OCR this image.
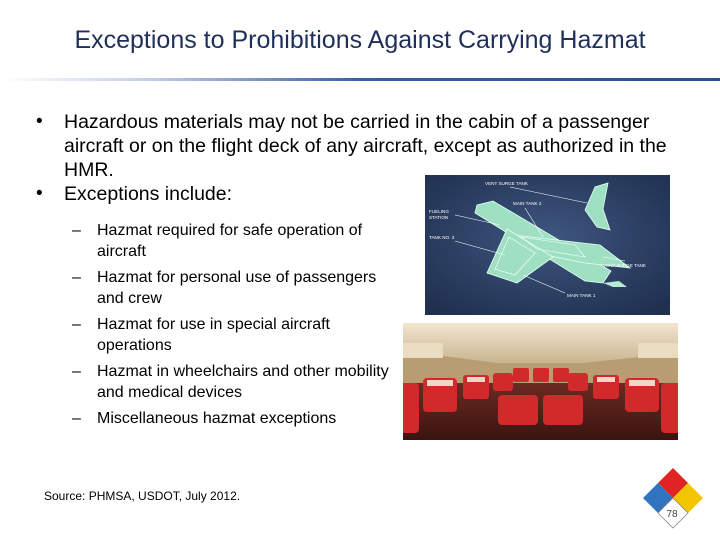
Exceptions to Prohibitions Against Carrying Hazmat
• Hazardous materials may not be carried in the cabin of a passenger aircraft or on the flight deck of any aircraft, except as authorized in the HMR.
• Exceptions include:
– Hazmat required for safe operation of aircraft
– Hazmat for personal use of passengers and crew
– Hazmat for use in special aircraft operations
– Hazmat in wheelchairs and other mobility and medical devices
– Miscellaneous hazmat exceptions
VENT SURGE TANK
MAIN TANK 2
FUELING
STATION
TANK NO. 3
VENT SURGE TANK
MAIN TANK 1
Source: PHMSA, USDOT, July 2012.
78
